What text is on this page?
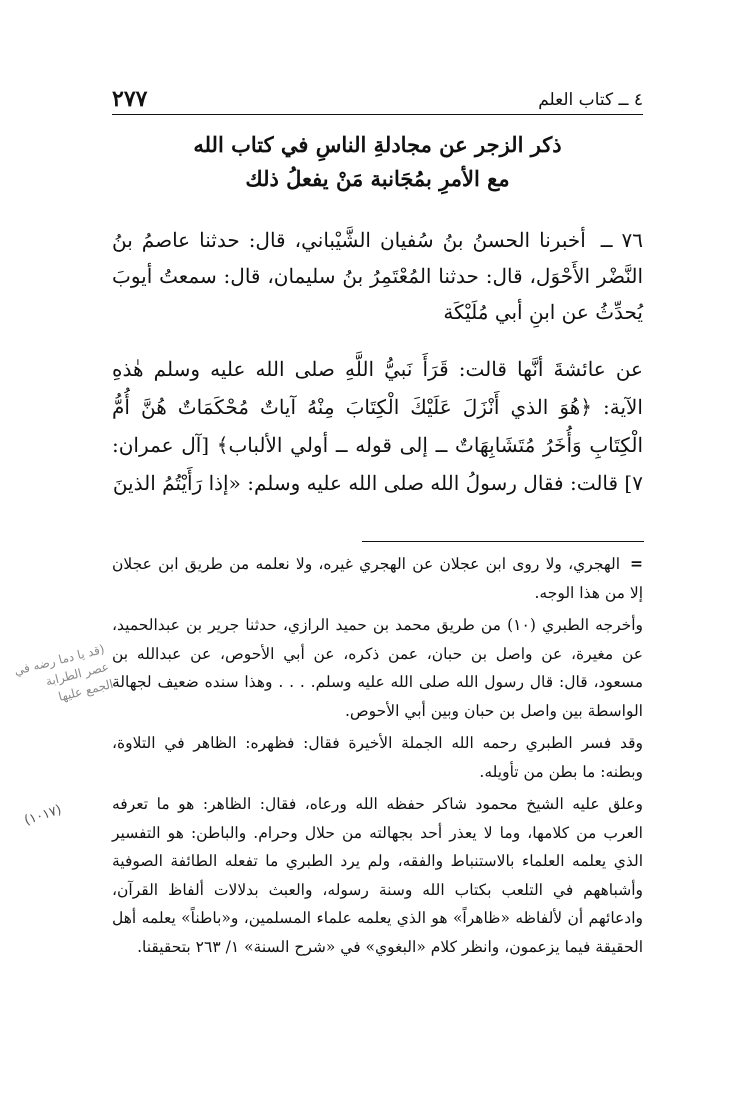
٤ ــ كتاب العلم
٢٧٧
ذكر الزجر عن مجادلةِ الناسِ في كتاب الله
مع الأمرِ بمُجَانبة مَنْ يفعلُ ذلك
٧٦ ــ أخبرنا الحسنُ بنُ سُفيان الشَّيْباني، قال: حدثنا عاصمُ بنُ النَّضْر الأَحْوَل، قال: حدثنا المُعْتَمِرُ بنُ سليمان، قال: سمعتُ أيوبَ يُحدِّثُ عن ابنِ أبي مُلَيْكَة
عن عائشةَ أنَّها قالت: قَرَأَ نَبيُّ اللَّهِ صلى الله عليه وسلم هٰذهِ الآية: ﴿هُوَ الذي أَنْزَلَ عَلَيْكَ الْكِتَابَ مِنْهُ آياتٌ مُحْكَمَاتٌ هُنَّ أُمُّ الْكِتَابِ وَأُخَرُ مُتَشَابِهَاتٌ ــ إلى قوله ــ أولي الألباب﴾ [آل عمران: ٧] قالت: فقال رسولُ الله صلى الله عليه وسلم: «إذا رَأَيْتُمُ الذينَ

=
الهجري، ولا روى ابن عجلان عن الهجري غيره، ولا نعلمه من طريق ابن عجلان إلا من هذا الوجه.

وأخرجه الطبري (١٠) من طريق محمد بن حميد الرازي، حدثنا جرير بن عبدالحميد، عن مغيرة، عن واصل بن حبان، عمن ذكره، عن أبي الأحوص، عن عبدالله بن مسعود، قال: قال رسول الله صلى الله عليه وسلم. . . . وهذا سنده ضعيف لجهالة الواسطة بين واصل بن حبان وبين أبي الأحوص.

وقد فسر الطبري رحمه الله الجملة الأخيرة فقال: فظهره: الظاهر في التلاوة، وبطنه: ما بطن من تأويله.

وعلق عليه الشيخ محمود شاكر حفظه الله ورعاه، فقال: الظاهر: هو ما تعرفه العرب من كلامها، وما لا يعذر أحد بجهالته من حلال وحرام. والباطن: هو التفسير الذي يعلمه العلماء بالاستنباط والفقه، ولم يرد الطبري ما تفعله الطائفة الصوفية وأشباههم في التلعب بكتاب الله وسنة رسوله، والعبث بدلالات ألفاظ القرآن، وادعائهم أن لألفاظه «ظاهراً» هو الذي يعلمه علماء المسلمين، و«باطناً» يعلمه أهل الحقيقة فيما يزعمون، وانظر كلام «البغوي» في «شرح السنة» ١/ ٢٦٣ بتحقيقنا.

(قد يا دما رضه في عصر الطرابة الجمع عليها
(١٠١٧)
